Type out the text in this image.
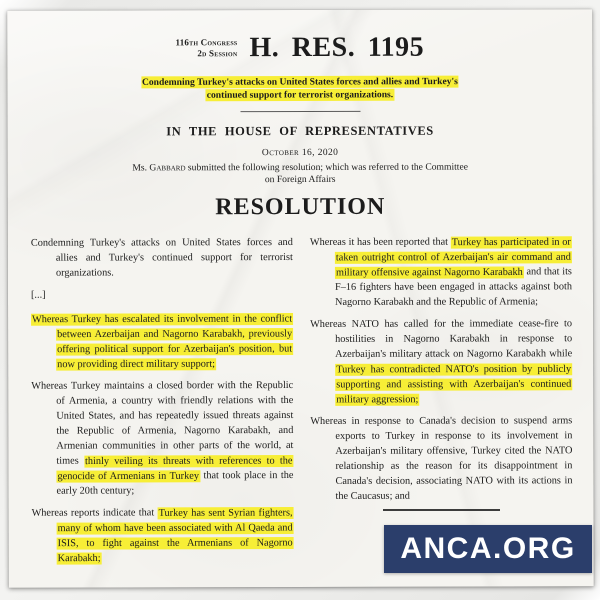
116th Congress
2d Session H. RES. 1195
Condemning Turkey's attacks on United States forces and allies and Turkey's continued support for terrorist organizations.
IN THE HOUSE OF REPRESENTATIVES
October 16, 2020
Ms. Gabbard submitted the following resolution; which was referred to the Committee on Foreign Affairs
RESOLUTION

Condemning Turkey's attacks on United States forces and allies and Turkey's continued support for terrorist organizations.

[...]

Whereas Turkey has escalated its involvement in the conflict between Azerbaijan and Nagorno Karabakh, previously offering political support for Azerbaijan's position, but now providing direct military support;

Whereas Turkey maintains a closed border with the Republic of Armenia, a country with friendly relations with the United States, and has repeatedly issued threats against the Republic of Armenia, Nagorno Karabakh, and Armenian communities in other parts of the world, at times thinly veiling its threats with references to the genocide of Armenians in Turkey that took place in the early 20th century;

Whereas reports indicate that Turkey has sent Syrian fighters, many of whom have been associated with Al Qaeda and ISIS, to fight against the Armenians of Nagorno Karabakh;

Whereas it has been reported that Turkey has participated in or taken outright control of Azerbaijan's air command and military offensive against Nagorno Karabakh and that its F–16 fighters have been engaged in attacks against both Nagorno Karabakh and the Republic of Armenia;

Whereas NATO has called for the immediate cease-fire to hostilities in Nagorno Karabakh in response to Azerbaijan's military attack on Nagorno Karabakh while Turkey has contradicted NATO's position by publicly supporting and assisting with Azerbaijan's continued military aggression;

Whereas in response to Canada's decision to suspend arms exports to Turkey in response to its involvement in Azerbaijan's military offensive, Turkey cited the NATO relationship as the reason for its disappointment in Canada's decision, associating NATO with its actions in the Caucasus; and

ANCA.ORG
